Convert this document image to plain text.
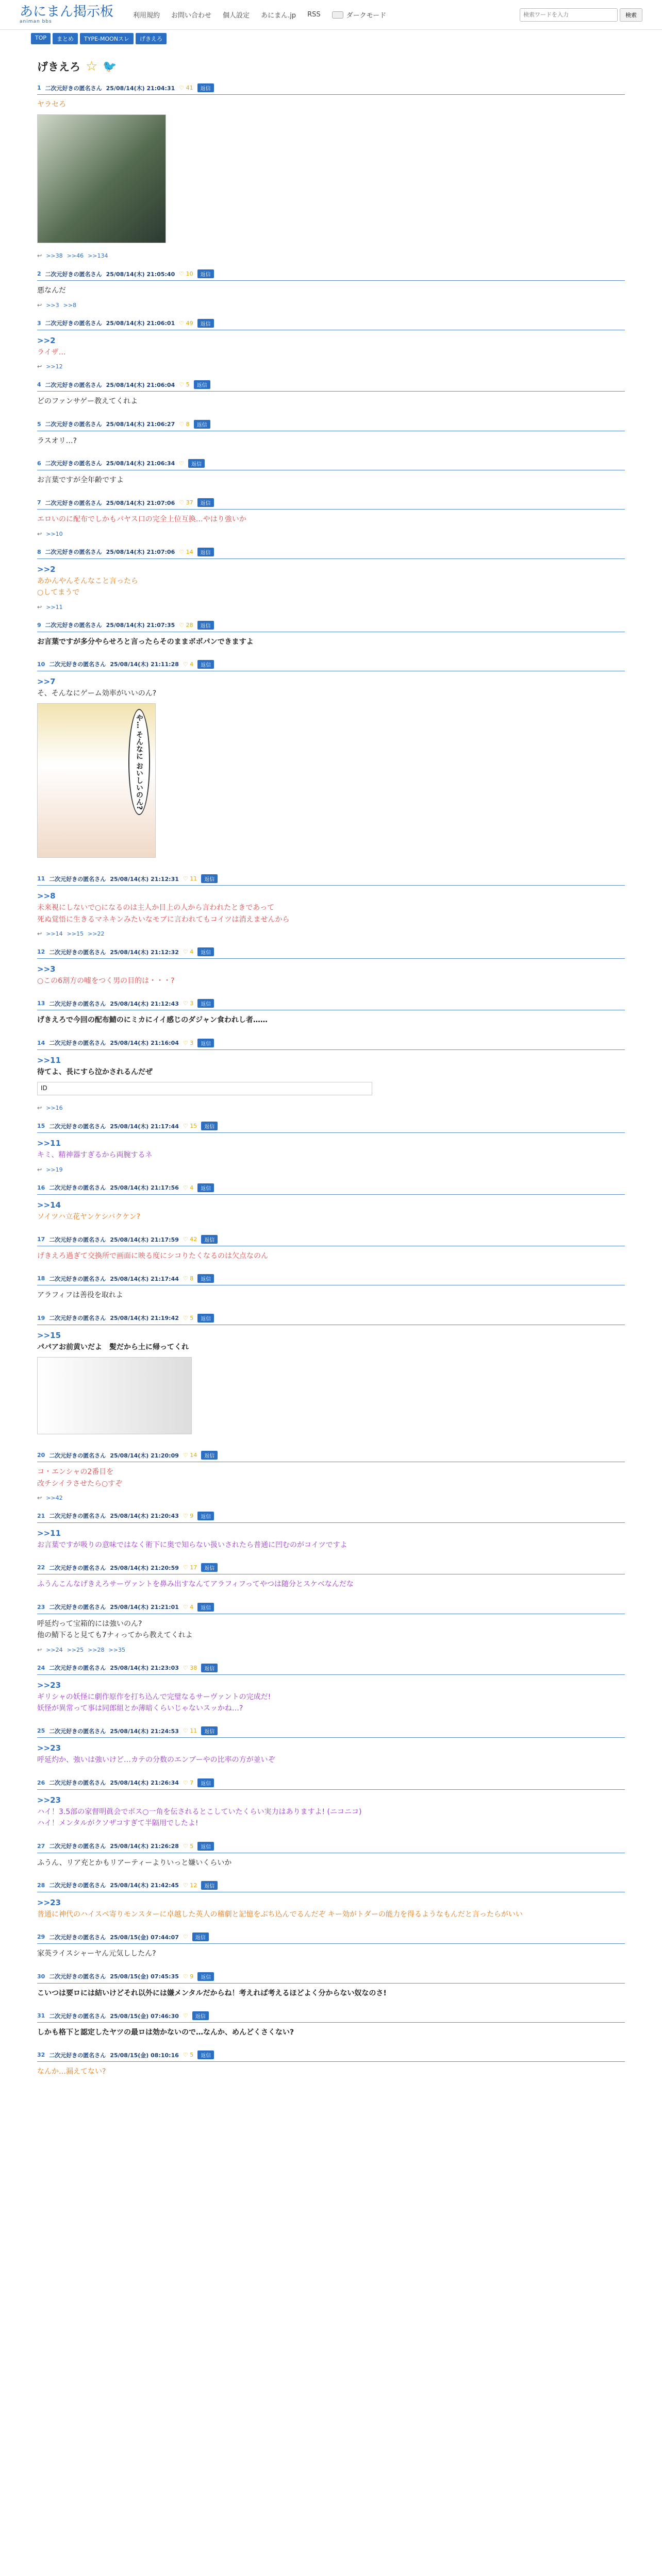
あにまん掲示板
animan bbs
利用規約 お問い合わせ 個人設定 あにまん.jp RSS	ダークモード
検索ワードを入力	検索
TOP	まとめ	TYPE-MOONスレ	げきえろ
げきえろ ☆ 🐦
1 二次元好きの匿名さん 25/08/14(木) 21:04:31 ♡ 41	返信
ヤラセろ
↩ >>38 >>46 >>134
2 二次元好きの匿名さん 25/08/14(木) 21:05:40 ♡ 10	返信
悪なんだ
↩ >>3 >>8
3 二次元好きの匿名さん 25/08/14(木) 21:06:01 ♡ 49	返信
>>2
ライザ…
↩ >>12
4 二次元好きの匿名さん 25/08/14(木) 21:06:04 ♡ 5	返信
どのファンサゲー教えてくれよ
5 二次元好きの匿名さん 25/08/14(木) 21:06:27 ♡ 8	返信
ラスオリ…?
6 二次元好きの匿名さん 25/08/14(木) 21:06:34 ♡	返信
お言葉ですが全年齢ですよ
7 二次元好きの匿名さん 25/08/14(木) 21:07:06 ♡ 37	返信
エロいのに配布でしかもパヤス口の完全上位互換…やはり強いか
↩ >>10
8 二次元好きの匿名さん 25/08/14(木) 21:07:06 ♡ 14	返信
>>2
あかんやんそんなこと言ったら
○してまうで
↩ >>11
9 二次元好きの匿名さん 25/08/14(木) 21:07:35 ♡ 28	返信
お言葉ですが多分やらせろと言ったらそのままボボパンできますよ
10 二次元好きの匿名さん 25/08/14(木) 21:11:28 ♡ 4	返信
>>7
そ、そんなにゲーム効率がいいのん?
や… そんなに おいしいのん?
11 二次元好きの匿名さん 25/08/14(木) 21:12:31 ♡ 11	返信
>>8
未来視にしないで○になるのは主人か目上の人から言われたときであって
死ぬ覚悟に生きるマネキンみたいなモブに言われてもコイツは消えませんから
↩ >>14 >>15 >>22
12 二次元好きの匿名さん 25/08/14(木) 21:12:32 ♡ 4	返信
>>3
○この6割方の嘘をつく男の目的は・・・?
13 二次元好きの匿名さん 25/08/14(木) 21:12:43 ♡ 3	返信
げきえろで今回の配布鯖のにミカにイイ感じのダジャン食われし者……
14 二次元好きの匿名さん 25/08/14(木) 21:16:04 ♡ 3	返信
>>11
待てよ、長にすら泣かされるんだぜ
ID
↩ >>16
15 二次元好きの匿名さん 25/08/14(木) 21:17:44 ♡ 15	返信
>>11
キミ、精神器すぎるから両腕するネ
↩ >>19
16 二次元好きの匿名さん 25/08/14(木) 21:17:56 ♡ 4	返信
>>14
ソイツハ立花ヤンケシバクケン?
17 二次元好きの匿名さん 25/08/14(木) 21:17:59 ♡ 42	返信
げきえろ過ぎて交換所で画面に映る度にシコりたくなるのは欠点なのん
18 二次元好きの匿名さん 25/08/14(木) 21:17:44 ♡ 8	返信
アラフィフは善役を取れよ
19 二次元好きの匿名さん 25/08/14(木) 21:19:42 ♡ 5	返信
>>15
パパアお前黄いだよ　髪だから土に帰ってくれ
20 二次元好きの匿名さん 25/08/14(木) 21:20:09 ♡ 14	返信
コ・エンシャの2番目を
改チシイラさせたら○すぞ
↩ >>42
21 二次元好きの匿名さん 25/08/14(木) 21:20:43 ♡ 9	返信
>>11
お言葉ですが吸りの意味ではなく術下に奥で知らない扱いされたら普通に凹むのがコイツですよ
22 二次元好きの匿名さん 25/08/14(木) 21:20:59 ♡ 17	返信
ふうんこんなげきえろサーヴァントを鼻み出すなんてアラフィフってやつは随分とスケベなんだな
23 二次元好きの匿名さん 25/08/14(木) 21:21:01 ♡ 4	返信
呼延灼って宝箱的には強いのん?
他の鯖下ると見ても7ナィってから教えてくれよ
↩ >>24 >>25 >>28 >>35
24 二次元好きの匿名さん 25/08/14(木) 21:23:03 ♡ 38	返信
>>23
ギリシャの妖怪に劇作原作を打ち込んで完璧なるサーヴァントの完成だ!
妖怪が異常って事は同郎組とか薄暗くらいじゃないスッかね…?
25 二次元好きの匿名さん 25/08/14(木) 21:24:53 ♡ 11	返信
>>23
呼延灼か、強いは強いけど…カテの分数のエンブーやの比率の方が並いぞ
26 二次元好きの匿名さん 25/08/14(木) 21:26:34 ♡ 7	返信
>>23
ハイ！3.5部の家督明眞会でボス○一角を伝されるとこしていたくらい実力はありますよ! (ニコニコ)
ハイ！メンタルがクソザコすぎて半隔用でしたよ!
27 二次元好きの匿名さん 25/08/14(木) 21:26:28 ♡ 5	返信
ふうん、リア充とかもリアーティーよりいっと嫌いくらいか
28 二次元好きの匿名さん 25/08/14(木) 21:42:45 ♡ 12	返信
>>23
普通に神代のハイスペ寄りモンスターに卓越した英人の稽劇と記憶をぶち込んでるんだぞ キー効がトダーの能力を得るようなもんだと言ったらがいい
29 二次元好きの匿名さん 25/08/15(金) 07:44:07 ♡	返信
家英ライスシャーヤん元気ししたん?
30 二次元好きの匿名さん 25/08/15(金) 07:45:35 ♡ 9	返信
こいつは要ロには結いけどそれ以外には嫌メンタルだからね！考えれば考えるほどよく分からない奴なのさ!
31 二次元好きの匿名さん 25/08/15(金) 07:46:30 ♡	返信
しかも格下と認定したヤツの最ロは効かないので…なんか、めんどくさくない?
32 二次元好きの匿名さん 25/08/15(金) 08:10:16 ♡ 5	返信
なんか…漏えてない?
